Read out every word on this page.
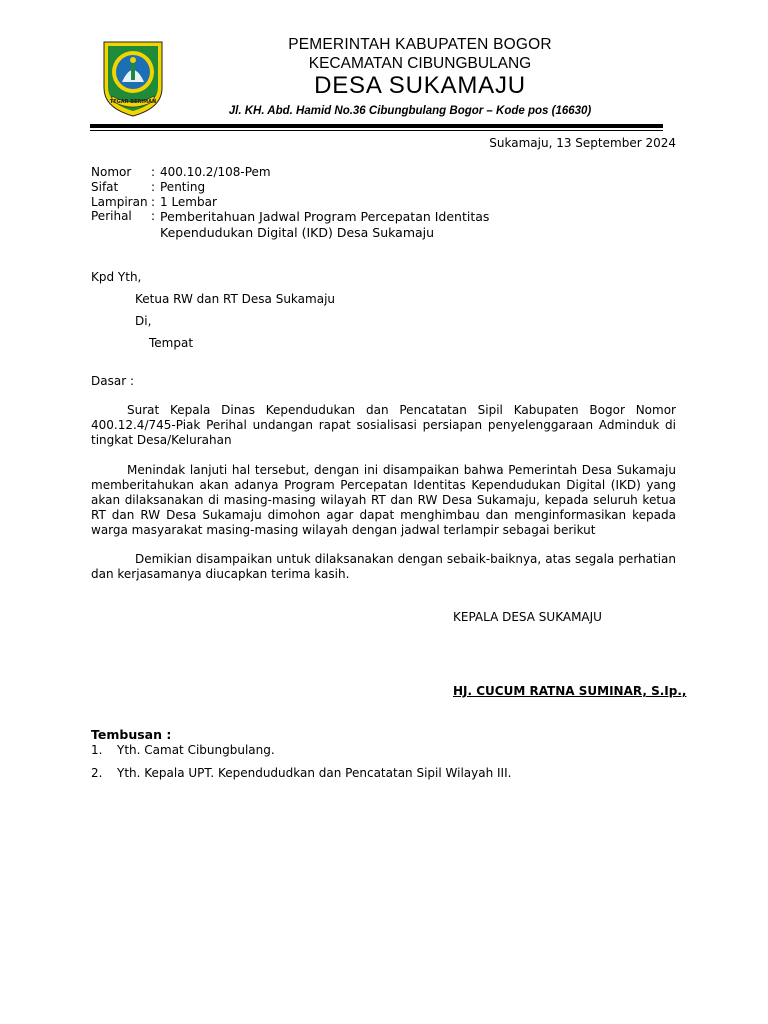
TEGAR BERIMAN
PEMERINTAH KABUPATEN BOGOR
KECAMATAN CIBUNGBULANG
DESA SUKAMAJU
Jl. KH. Abd. Hamid No.36 Cibungbulang Bogor – Kode pos (16630)
Sukamaju, 13 September 2024
Nomor : 400.10.2/108-Pem
Sifat	: Penting
Lampiran : 1 Lembar
Perihal : Pemberitahuan Jadwal Program Percepatan Identitas
Kependudukan Digital (IKD) Desa Sukamaju
Kpd Yth,
Ketua RW dan RT Desa Sukamaju
Di,
Tempat
Dasar :
Surat Kepala Dinas Kependudukan dan Pencatatan Sipil Kabupaten Bogor Nomor 400.12.4/745-Piak Perihal undangan rapat sosialisasi persiapan penyelenggaraan Adminduk di tingkat Desa/Kelurahan
Menindak lanjuti hal tersebut, dengan ini disampaikan bahwa Pemerintah Desa Sukamaju memberitahukan akan adanya Program Percepatan Identitas Kependudukan Digital (IKD) yang akan dilaksanakan di masing-masing wilayah RT dan RW Desa Sukamaju, kepada seluruh ketua RT dan RW Desa Sukamaju dimohon agar dapat menghimbau dan menginformasikan kepada warga masyarakat masing-masing wilayah dengan jadwal terlampir sebagai berikut
Demikian disampaikan untuk dilaksanakan dengan sebaik-baiknya, atas segala perhatian dan kerjasamanya diucapkan terima kasih.
KEPALA DESA SUKAMAJU
HJ. CUCUM RATNA SUMINAR, S.Ip.,
Tembusan :
1. Yth. Camat Cibungbulang.
2. Yth. Kepala UPT. Kependududkan dan Pencatatan Sipil Wilayah III.
